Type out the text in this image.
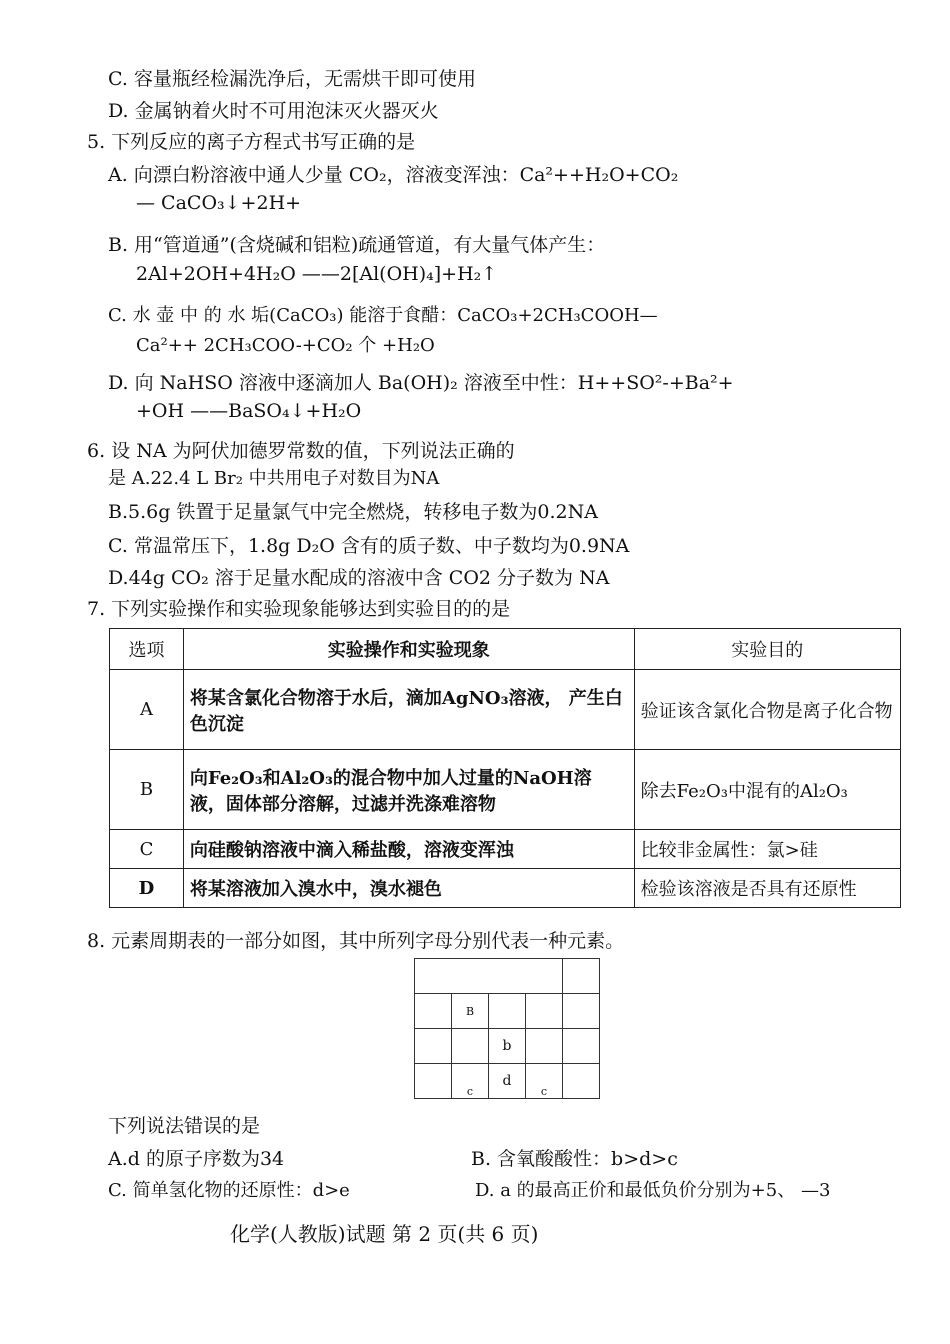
C. 容量瓶经检漏洗净后，无需烘干即可使用
D. 金属钠着火时不可用泡沫灭火器灭火
5. 下列反应的离子方程式书写正确的是
A. 向漂白粉溶液中通人少量 CO₂，溶液变浑浊：Ca²++H₂O+CO₂
— CaCO₃↓+2H+
B. 用“管道通”(含烧碱和铝粒)疏通管道，有大量气体产生：
2Al+2OH+4H₂O ——2[Al(OH)₄]+H₂↑
C. 水 壶 中 的 水 垢(CaCO₃) 能溶于食醋：CaCO₃+2CH₃COOH—
Ca²++ 2CH₃COO-+CO₂ 个 +H₂O
D. 向 NaHSO 溶液中逐滴加人 Ba(OH)₂ 溶液至中性：H++SO²-+Ba²+
+OH ——BaSO₄↓+H₂O
6. 设 NA 为阿伏加德罗常数的值，下列说法正确的
是 A.22.4 L Br₂ 中共用电子对数目为NA
B.5.6g 铁置于足量氯气中完全燃烧，转移电子数为0.2NA
C. 常温常压下，1.8g D₂O 含有的质子数、中子数均为0.9NA
D.44g CO₂ 溶于足量水配成的溶液中含 CO2 分子数为 NA
7. 下列实验操作和实验现象能够达到实验目的的是
选项	实验操作和实验现象	实验目的
A	将某含氯化合物溶于水后，滴加AgNO₃溶液， 产生白色沉淀	验证该含氯化合物是离子化合物
B	向Fe₂O₃和Al₂O₃的混合物中加人过量的NaOH溶液，固体部分溶解，过滤并洗涤难溶物	除去Fe₂O₃中混有的Al₂O₃
C	向硅酸钠溶液中滴入稀盐酸，溶液变浑浊	比较非金属性：氯>硅
D	将某溶液加入溴水中，溴水褪色	检验该溶液是否具有还原性
8. 元素周期表的一部分如图，其中所列字母分别代表一种元素。

	B			
		b		
	c	d	c	
下列说法错误的是
A.d 的原子序数为34	B. 含氧酸酸性：b>d>c
C. 简单氢化物的还原性：d>e	D. a 的最高正价和最低负价分别为+5、 —3
化学(人教版)试题 第 2 页(共 6 页)
